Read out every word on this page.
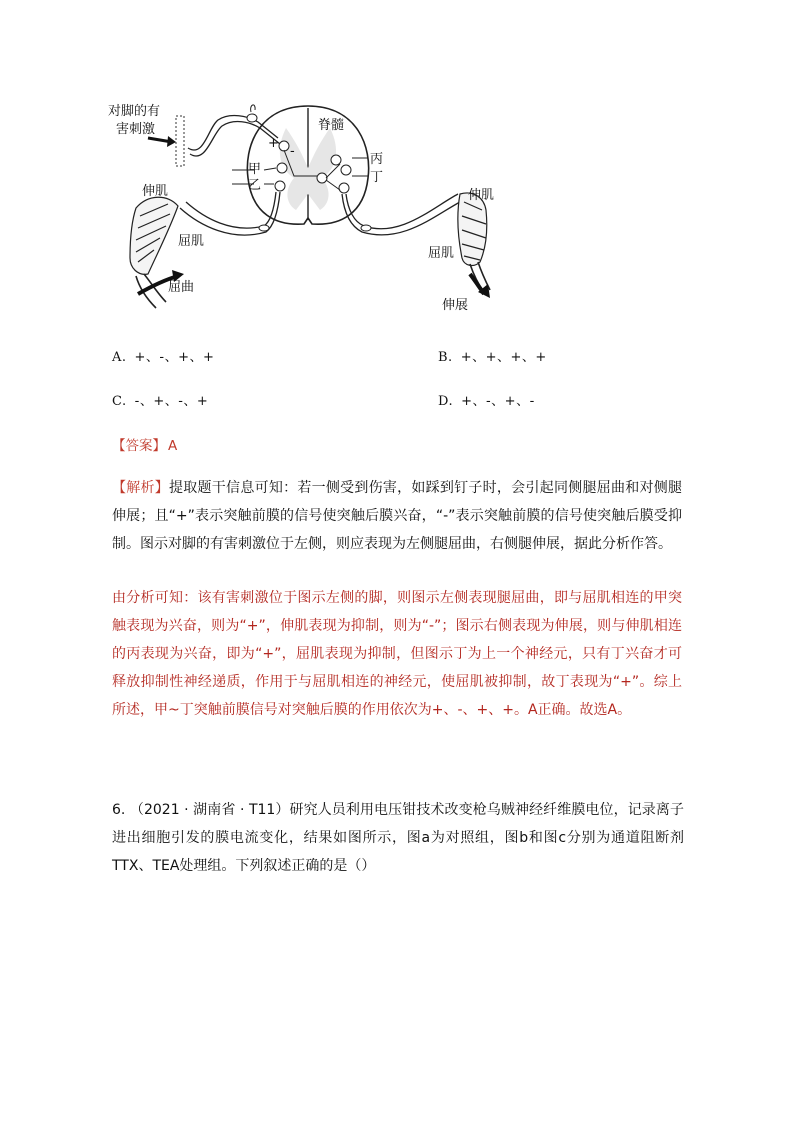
对脚的有
害刺激	脊髓
丙
丁
甲
乙
+
-
伸肌
屈肌
屈曲
伸肌
屈肌
伸展
A. +、-、+、+	B. +、+、+、+
C. -、+、-、+	D. +、-、+、-
【答案】 A
【解析】提取题干信息可知：若一侧受到伤害，如踩到钉子时，会引起同侧腿屈曲和对侧腿伸展；且“+”表示突触前膜的信号使突触后膜兴奋，“-”表示突触前膜的信号使突触后膜受抑制。图示对脚的有害刺激位于左侧，则应表现为左侧腿屈曲，右侧腿伸展，据此分析作答。
由分析可知：该有害刺激位于图示左侧的脚，则图示左侧表现腿屈曲，即与屈肌相连的甲突触表现为兴奋，则为“+”，伸肌表现为抑制，则为“-”；图示右侧表现为伸展，则与伸肌相连的丙表现为兴奋，即为“+”，屈肌表现为抑制，但图示丁为上一个神经元，只有丁兴奋才可释放抑制性神经递质，作用于与屈肌相连的神经元，使屈肌被抑制，故丁表现为“+”。综上所述，甲~丁突触前膜信号对突触后膜的作用依次为+、-、+、+。A正确。故选A。
6. （2021 · 湖南省 · T11）研究人员利用电压钳技术改变枪乌贼神经纤维膜电位，记录离子进出细胞引发的膜电流变化，结果如图所示，图a为对照组，图b和图c分别为通道阻断剂TTX、TEA处理组。下列叙述正确的是（）
